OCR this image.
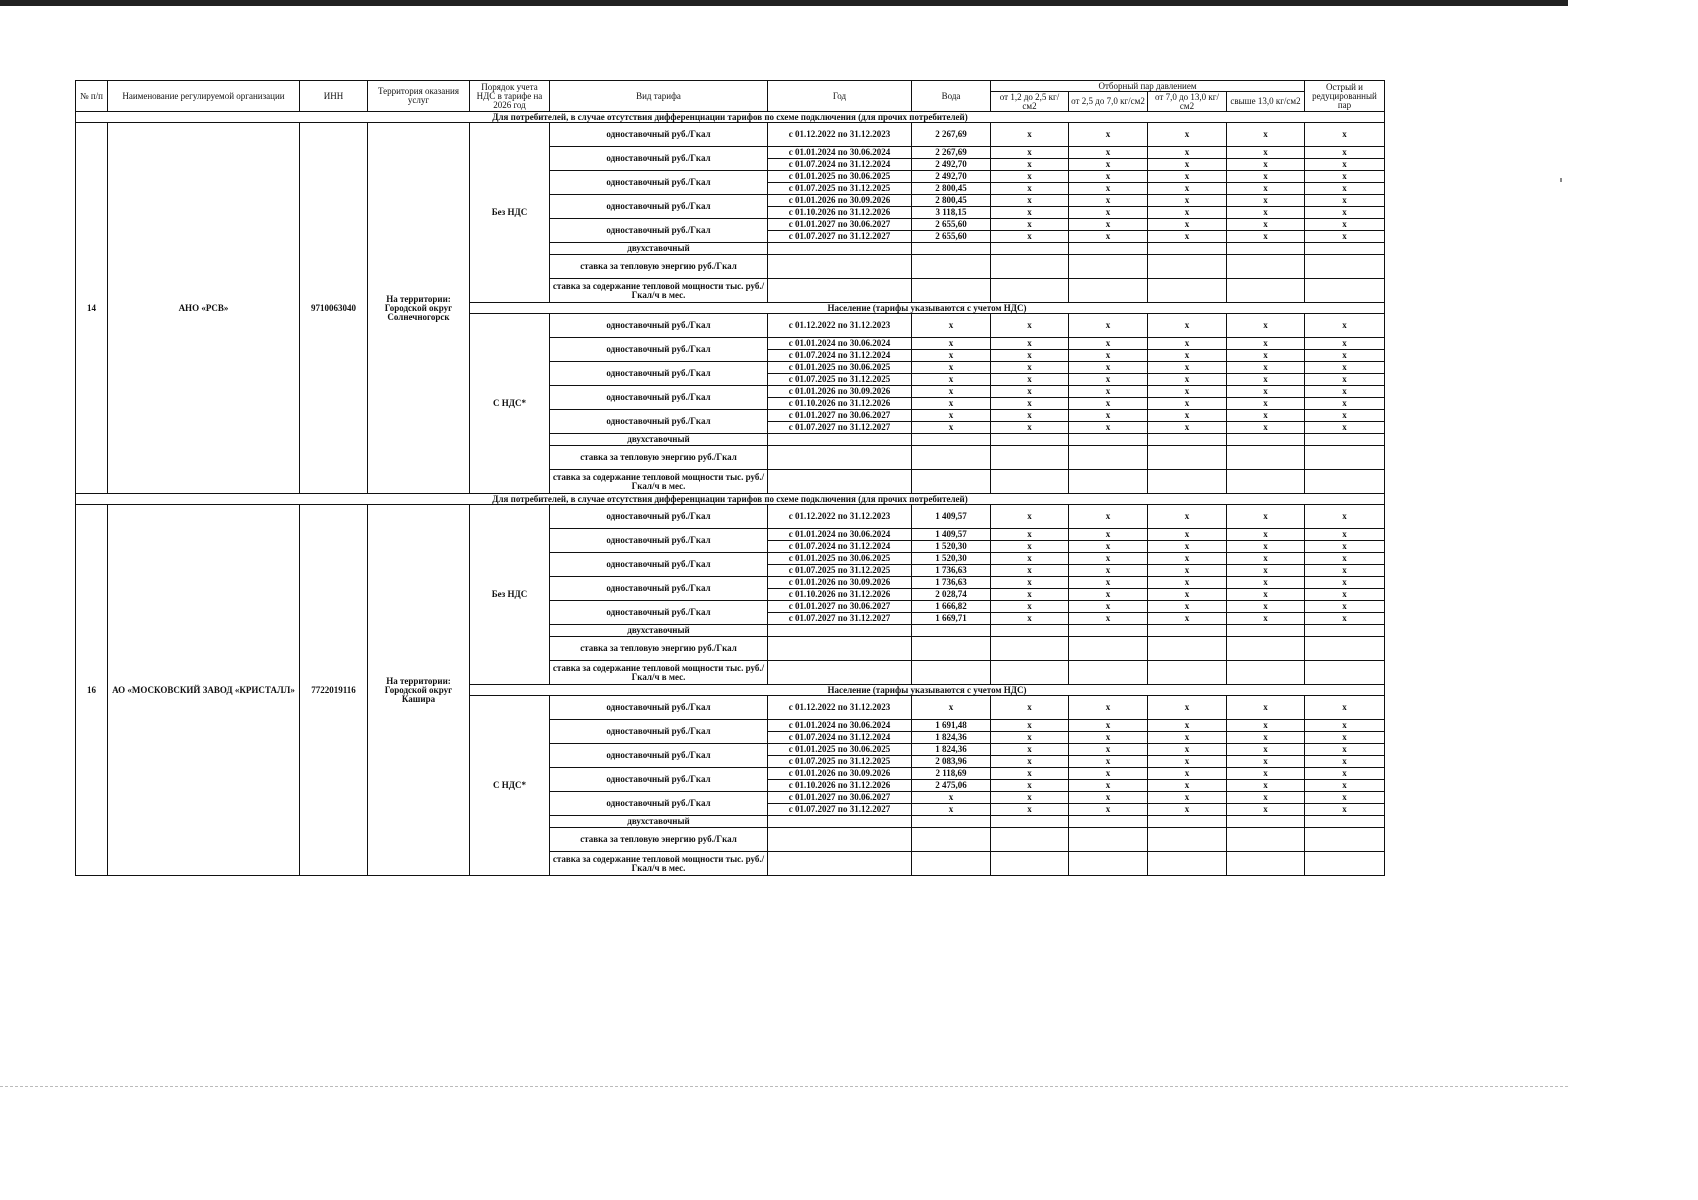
№ п/п	Наименование регулируемой организации	ИНН	Территория оказания услуг	Порядок учета НДС в тарифе на 2026 год	Вид тарифа	Год	Вода	Отборный пар давлением				Острый и редуцированный пар
								от 1,2 до 2,5 кг/см2	от 2,5 до 7,0 кг/см2	от 7,0 до 13,0 кг/см2	свыше 13,0 кг/см2	
Для потребителей, в случае отсутствия дифференциации тарифов по схеме подключения (для прочих потребителей)												
14	АНО «РСВ»	9710063040	На территории: Городской округ Солнечногорск	Без НДС	одноставочный руб./Гкал	с 01.12.2022 по 31.12.2023	2 267,69	x	x	x	x	x
					одноставочный руб./Гкал	с 01.01.2024 по 30.06.2024	2 267,69	x	x	x	x	x
						с 01.07.2024 по 31.12.2024	2 492,70	x	x	x	x	x
					одноставочный руб./Гкал	с 01.01.2025 по 30.06.2025	2 492,70	x	x	x	x	x
						с 01.07.2025 по 31.12.2025	2 800,45	x	x	x	x	x
					одноставочный руб./Гкал	с 01.01.2026 по 30.09.2026	2 800,45	x	x	x	x	x
						с 01.10.2026 по 31.12.2026	3 118,15	x	x	x	x	x
					одноставочный руб./Гкал	с 01.01.2027 по 30.06.2027	2 655,60	x	x	x	x	x
						с 01.07.2027 по 31.12.2027	2 655,60	x	x	x	x	x
					двухставочный							
					ставка за тепловую энергию руб./Гкал							
					ставка за содержание тепловой мощности тыс. руб./Гкал/ч в мес.							
				Население (тарифы указываются с учетом НДС)								
				С НДС*	одноставочный руб./Гкал	с 01.12.2022 по 31.12.2023	x	x	x	x	x	x
					одноставочный руб./Гкал	с 01.01.2024 по 30.06.2024	x	x	x	x	x	x
						с 01.07.2024 по 31.12.2024	x	x	x	x	x	x
					одноставочный руб./Гкал	с 01.01.2025 по 30.06.2025	x	x	x	x	x	x
						с 01.07.2025 по 31.12.2025	x	x	x	x	x	x
					одноставочный руб./Гкал	с 01.01.2026 по 30.09.2026	x	x	x	x	x	x
						с 01.10.2026 по 31.12.2026	x	x	x	x	x	x
					одноставочный руб./Гкал	с 01.01.2027 по 30.06.2027	x	x	x	x	x	x
						с 01.07.2027 по 31.12.2027	x	x	x	x	x	x
					двухставочный							
					ставка за тепловую энергию руб./Гкал							
					ставка за содержание тепловой мощности тыс. руб./Гкал/ч в мес.							
Для потребителей, в случае отсутствия дифференциации тарифов по схеме подключения (для прочих потребителей)												
16	АО «МОСКОВСКИЙ ЗАВОД «КРИСТАЛЛ»	7722019116	На территории: Городской округ Кашира	Без НДС	одноставочный руб./Гкал	с 01.12.2022 по 31.12.2023	1 409,57	x	x	x	x	x
					одноставочный руб./Гкал	с 01.01.2024 по 30.06.2024	1 409,57	x	x	x	x	x
						с 01.07.2024 по 31.12.2024	1 520,30	x	x	x	x	x
					одноставочный руб./Гкал	с 01.01.2025 по 30.06.2025	1 520,30	x	x	x	x	x
						с 01.07.2025 по 31.12.2025	1 736,63	x	x	x	x	x
					одноставочный руб./Гкал	с 01.01.2026 по 30.09.2026	1 736,63	x	x	x	x	x
						с 01.10.2026 по 31.12.2026	2 028,74	x	x	x	x	x
					одноставочный руб./Гкал	с 01.01.2027 по 30.06.2027	1 666,82	x	x	x	x	x
						с 01.07.2027 по 31.12.2027	1 669,71	x	x	x	x	x
					двухставочный							
					ставка за тепловую энергию руб./Гкал							
					ставка за содержание тепловой мощности тыс. руб./Гкал/ч в мес.							
				Население (тарифы указываются с учетом НДС)								
				С НДС*	одноставочный руб./Гкал	с 01.12.2022 по 31.12.2023	x	x	x	x	x	x
					одноставочный руб./Гкал	с 01.01.2024 по 30.06.2024	1 691,48	x	x	x	x	x
						с 01.07.2024 по 31.12.2024	1 824,36	x	x	x	x	x
					одноставочный руб./Гкал	с 01.01.2025 по 30.06.2025	1 824,36	x	x	x	x	x
						с 01.07.2025 по 31.12.2025	2 083,96	x	x	x	x	x
					одноставочный руб./Гкал	с 01.01.2026 по 30.09.2026	2 118,69	x	x	x	x	x
						с 01.10.2026 по 31.12.2026	2 475,06	x	x	x	x	x
					одноставочный руб./Гкал	с 01.01.2027 по 30.06.2027	x	x	x	x	x	x
						с 01.07.2027 по 31.12.2027	x	x	x	x	x	x
					двухставочный							
					ставка за тепловую энергию руб./Гкал							
					ставка за содержание тепловой мощности тыс. руб./Гкал/ч в мес.							
